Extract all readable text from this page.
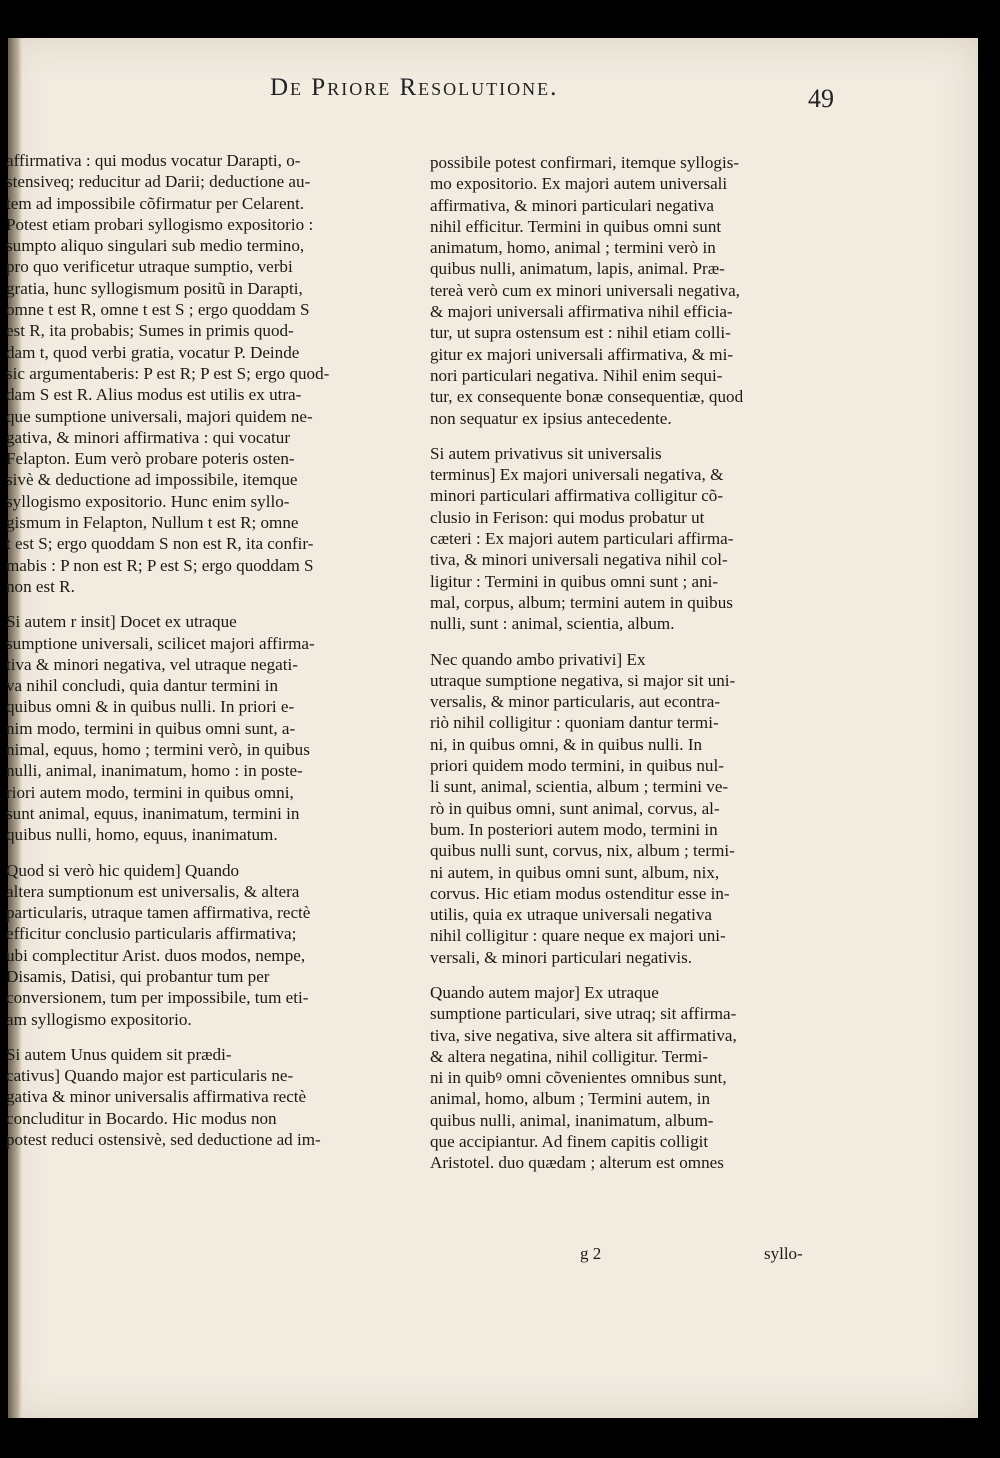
De Priore Resolutione.	49
affirmativa : qui modus vocatur Darapti, o-
stensiveq; reducitur ad Darii; deductione au-
tem ad impossibile cõfirmatur per Celarent.
Potest etiam probari syllogismo expositorio :
sumpto aliquo singulari sub medio termino,
pro quo verificetur utraque sumptio, verbi
gratia, hunc syllogismum positũ in Darapti,
omne t est R, omne t est S ; ergo quoddam S
est R, ita probabis; Sumes in primis quod-
dam t, quod verbi gratia, vocatur P. Deinde
sic argumentaberis: P est R; P est S; ergo quod-
dam S est R. Alius modus est utilis ex utra-
que sumptione universali, majori quidem ne-
gativa, & minori affirmativa : qui vocatur
Felapton. Eum verò probare poteris osten-
sivè & deductione ad impossibile, itemque
syllogismo expositorio. Hunc enim syllo-
gismum in Felapton, Nullum t est R; omne
t est S; ergo quoddam S non est R, ita confir-
mabis : P non est R; P est S; ergo quoddam S
non est R.
Si autem r insit] Docet ex utraque
sumptione universali, scilicet majori affirma-
tiva & minori negativa, vel utraque negati-
va nihil concludi, quia dantur termini in
quibus omni & in quibus nulli. In priori e-
nim modo, termini in quibus omni sunt, a-
nimal, equus, homo ; termini verò, in quibus
nulli, animal, inanimatum, homo : in poste-
riori autem modo, termini in quibus omni,
sunt animal, equus, inanimatum, termini in
quibus nulli, homo, equus, inanimatum.
Quod si verò hic quidem] Quando
altera sumptionum est universalis, & altera
particularis, utraque tamen affirmativa, rectè
efficitur conclusio particularis affirmativa;
ubi complectitur Arist. duos modos, nempe,
Disamis, Datisi, qui probantur tum per
conversionem, tum per impossibile, tum eti-
am syllogismo expositorio.
Si autem Unus quidem sit prædi-
cativus] Quando major est particularis ne-
gativa & minor universalis affirmativa rectè
concluditur in Bocardo. Hic modus non
potest reduci ostensivè, sed deductione ad im-
possibile potest confirmari, itemque syllogis-
mo expositorio. Ex majori autem universali
affirmativa, & minori particulari negativa
nihil efficitur. Termini in quibus omni sunt
animatum, homo, animal ; termini verò in
quibus nulli, animatum, lapis, animal. Præ-
tereà verò cum ex minori universali negativa,
& majori universali affirmativa nihil efficia-
tur, ut supra ostensum est : nihil etiam colli-
gitur ex majori universali affirmativa, & mi-
nori particulari negativa. Nihil enim sequi-
tur, ex consequente bonæ consequentiæ, quod
non sequatur ex ipsius antecedente.
Si autem privativus sit universalis
terminus] Ex majori universali negativa, &
minori particulari affirmativa colligitur cõ-
clusio in Ferison: qui modus probatur ut
cæteri : Ex majori autem particulari affirma-
tiva, & minori universali negativa nihil col-
ligitur : Termini in quibus omni sunt ; ani-
mal, corpus, album; termini autem in quibus
nulli, sunt : animal, scientia, album.
Nec quando ambo privativi] Ex
utraque sumptione negativa, si major sit uni-
versalis, & minor particularis, aut econtra-
riò nihil colligitur : quoniam dantur termi-
ni, in quibus omni, & in quibus nulli. In
priori quidem modo termini, in quibus nul-
li sunt, animal, scientia, album ; termini ve-
rò in quibus omni, sunt animal, corvus, al-
bum. In posteriori autem modo, termini in
quibus nulli sunt, corvus, nix, album ; termi-
ni autem, in quibus omni sunt, album, nix,
corvus. Hic etiam modus ostenditur esse in-
utilis, quia ex utraque universali negativa
nihil colligitur : quare neque ex majori uni-
versali, & minori particulari negativis.
Quando autem major] Ex utraque
sumptione particulari, sive utraq; sit affirma-
tiva, sive negativa, sive altera sit affirmativa,
& altera negatina, nihil colligitur. Termi-
ni in quibꝰ omni cõvenientes omnibus sunt,
animal, homo, album ; Termini autem, in
quibus nulli, animal, inanimatum, album-
que accipiantur. Ad finem capitis colligit
Aristotel. duo quædam ; alterum est omnes
g 2	syllo-
